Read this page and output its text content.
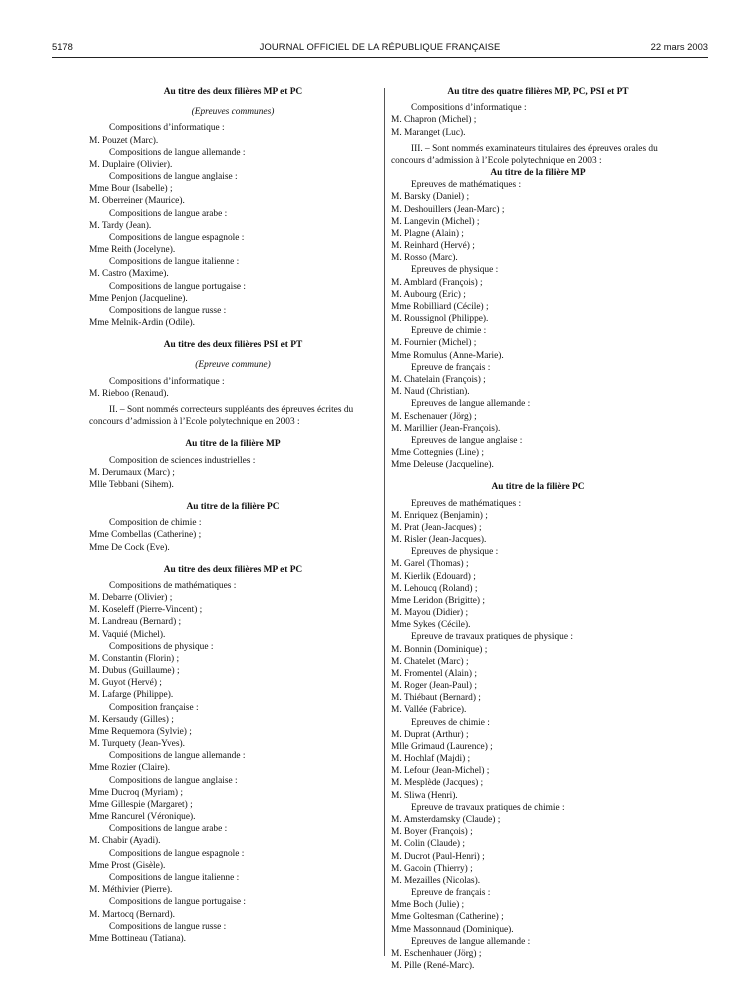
5178	JOURNAL OFFICIEL DE LA RÉPUBLIQUE FRANÇAISE	22 mars 2003
Au titre des deux filières MP et PC
(Epreuves communes)
Compositions d’informatique :
M. Pouzet (Marc).
Compositions de langue allemande :
M. Duplaire (Olivier).
Compositions de langue anglaise :
Mme Bour (Isabelle) ;
M. Oberreiner (Maurice).
Compositions de langue arabe :
M. Tardy (Jean).
Compositions de langue espagnole :
Mme Reith (Jocelyne).
Compositions de langue italienne :
M. Castro (Maxime).
Compositions de langue portugaise :
Mme Penjon (Jacqueline).
Compositions de langue russe :
Mme Melnik-Ardin (Odile).
Au titre des deux filières PSI et PT
(Epreuve commune)
Compositions d’informatique :
M. Rieboo (Renaud).
II. – Sont nommés correcteurs suppléants des épreuves écrites du concours d’admission à l’Ecole polytechnique en 2003 :
Au titre de la filière MP
Composition de sciences industrielles :
M. Derumaux (Marc) ;
Mlle Tebbani (Sihem).
Au titre de la filière PC
Composition de chimie :
Mme Combellas (Catherine) ;
Mme De Cock (Eve).
Au titre des deux filières MP et PC
Compositions de mathématiques :
M. Debarre (Olivier) ;
M. Koseleff (Pierre-Vincent) ;
M. Landreau (Bernard) ;
M. Vaquié (Michel).
Compositions de physique :
M. Constantin (Florin) ;
M. Dubus (Guillaume) ;
M. Guyot (Hervé) ;
M. Lafarge (Philippe).
Composition française :
M. Kersaudy (Gilles) ;
Mme Requemora (Sylvie) ;
M. Turquety (Jean-Yves).
Compositions de langue allemande :
Mme Rozier (Claire).
Compositions de langue anglaise :
Mme Ducroq (Myriam) ;
Mme Gillespie (Margaret) ;
Mme Rancurel (Véronique).
Compositions de langue arabe :
M. Chabir (Ayadi).
Compositions de langue espagnole :
Mme Prost (Gisèle).
Compositions de langue italienne :
M. Méthivier (Pierre).
Compositions de langue portugaise :
M. Martocq (Bernard).
Compositions de langue russe :
Mme Bottineau (Tatiana).
Au titre des quatre filières MP, PC, PSI et PT
Compositions d’informatique :
M. Chapron (Michel) ;
M. Maranget (Luc).
III. – Sont nommés examinateurs titulaires des épreuves orales du concours d’admission à l’Ecole polytechnique en 2003 :
Au titre de la filière MP
Epreuves de mathématiques :
M. Barsky (Daniel) ;
M. Deshouillers (Jean-Marc) ;
M. Langevin (Michel) ;
M. Plagne (Alain) ;
M. Reinhard (Hervé) ;
M. Rosso (Marc).
Epreuves de physique :
M. Amblard (François) ;
M. Aubourg (Eric) ;
Mme Robilliard (Cécile) ;
M. Roussignol (Philippe).
Epreuve de chimie :
M. Fournier (Michel) ;
Mme Romulus (Anne-Marie).
Epreuve de français :
M. Chatelain (François) ;
M. Naud (Christian).
Epreuves de langue allemande :
M. Eschenauer (Jörg) ;
M. Marillier (Jean-François).
Epreuves de langue anglaise :
Mme Cottegnies (Line) ;
Mme Deleuse (Jacqueline).
Au titre de la filière PC
Epreuves de mathématiques :
M. Enriquez (Benjamin) ;
M. Prat (Jean-Jacques) ;
M. Risler (Jean-Jacques).
Epreuves de physique :
M. Garel (Thomas) ;
M. Kierlik (Edouard) ;
M. Lehoucq (Roland) ;
Mme Leridon (Brigitte) ;
M. Mayou (Didier) ;
Mme Sykes (Cécile).
Epreuve de travaux pratiques de physique :
M. Bonnin (Dominique) ;
M. Chatelet (Marc) ;
M. Fromentel (Alain) ;
M. Roger (Jean-Paul) ;
M. Thiébaut (Bernard) ;
M. Vallée (Fabrice).
Epreuves de chimie :
M. Duprat (Arthur) ;
Mlle Grimaud (Laurence) ;
M. Hochlaf (Majdi) ;
M. Lefour (Jean-Michel) ;
M. Mesplède (Jacques) ;
M. Sliwa (Henri).
Epreuve de travaux pratiques de chimie :
M. Amsterdamsky (Claude) ;
M. Boyer (François) ;
M. Colin (Claude) ;
M. Ducrot (Paul-Henri) ;
M. Gacoin (Thierry) ;
M. Mezailles (Nicolas).
Epreuve de français :
Mme Boch (Julie) ;
Mme Goltesman (Catherine) ;
Mme Massonnaud (Dominique).
Epreuves de langue allemande :
M. Eschenhauer (Jörg) ;
M. Pille (René-Marc).
